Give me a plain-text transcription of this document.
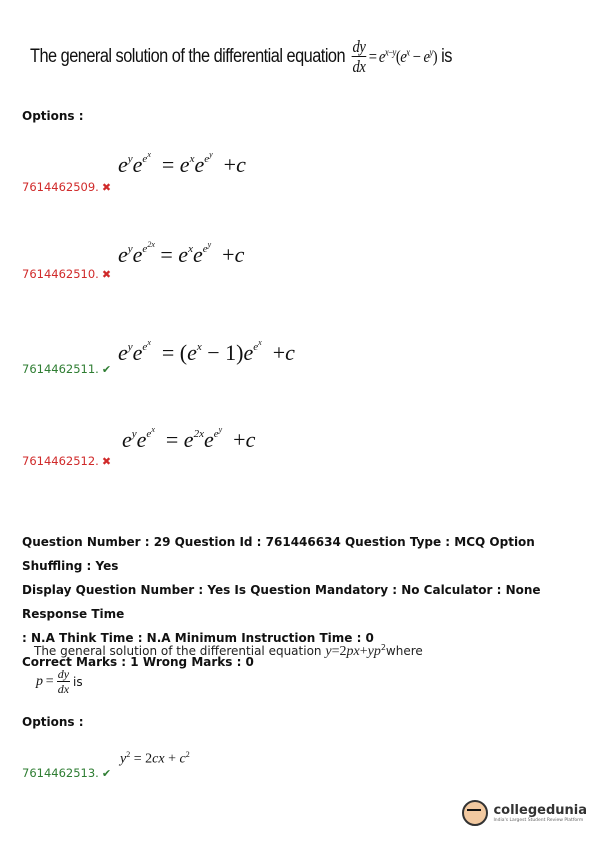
The general solution of the differential equation
$\frac{dy}{dx} = e^{x-y}(e^x - e^y)$
is
Options :
$e^ye^{e^x} = e^xe^{e^y} +c$
7614462509. ✖
$e^ye^{e^{2x}} = e^xe^{e^y} +c$
7614462510. ✖
$e^ye^{e^x} = (e^x - 1)e^{e^x} +c$
7614462511. ✔
$e^ye^{e^x} = e^{2x}e^{e^y} +c$
7614462512. ✖
Question Number : 29 Question Id : 761446634 Question Type : MCQ Option Shuffling : Yes
Display Question Number : Yes Is Question Mandatory : No Calculator : None Response Time
: N.A Think Time : N.A Minimum Instruction Time : 0
Correct Marks : 1 Wrong Marks : 0
The general solution of the differential equation $y=2px+yp^2where$
$p = \frac{dy}{dx}$ is
Options :
$y^2 = 2cx + c^2$
7614462513. ✔
collegedunia
India's Largest Student Review Platform
